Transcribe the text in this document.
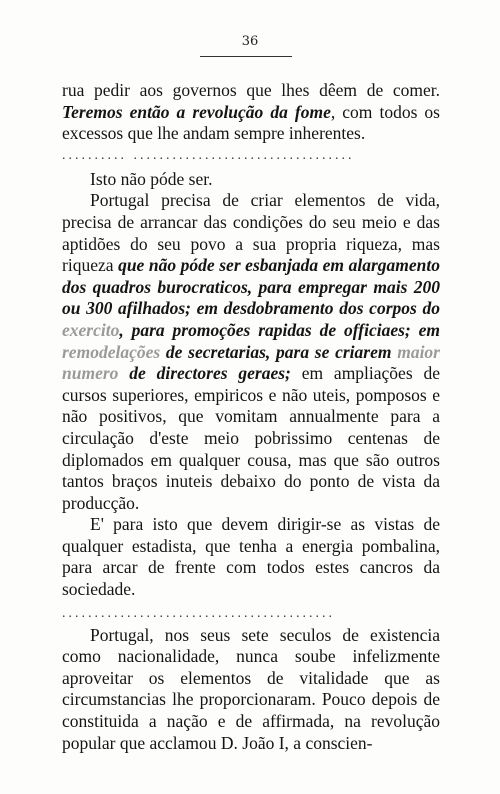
36

rua pedir aos governos que lhes dêem de comer. Teremos então a revolução da fome, com todos os excessos que lhe andam sempre inherentes.

.......... ..................................

Isto não póde ser.

Portugal precisa de criar elementos de vida, precisa de arrancar das condições do seu meio e das aptidões do seu povo a sua propria riqueza, mas riqueza que não póde ser esbanjada em alargamento dos quadros burocraticos, para empregar mais 200 ou 300 afilhados; em desdobramento dos corpos do exercito, para promoções rapidas de officiaes; em remodelações de secretarias, para se criarem maior numero de directores geraes; em ampliações de cursos superiores, empiricos e não uteis, pomposos e não positivos, que vomitam annualmente para a circulação d'este meio pobrissimo centenas de diplomados em qualquer cousa, mas que são outros tantos braços inuteis debaixo do ponto de vista da producção.

E' para isto que devem dirigir-se as vistas de qualquer estadista, que tenha a energia pombalina, para arcar de frente com todos estes cancros da sociedade.

..........................................

Portugal, nos seus sete seculos de existencia como nacionalidade, nunca soube infelizmente aproveitar os elementos de vitalidade que as circumstancias lhe proporcionaram. Pouco depois de constituida a nação e de affirmada, na revolução popular que acclamou D. João I, a conscien-
